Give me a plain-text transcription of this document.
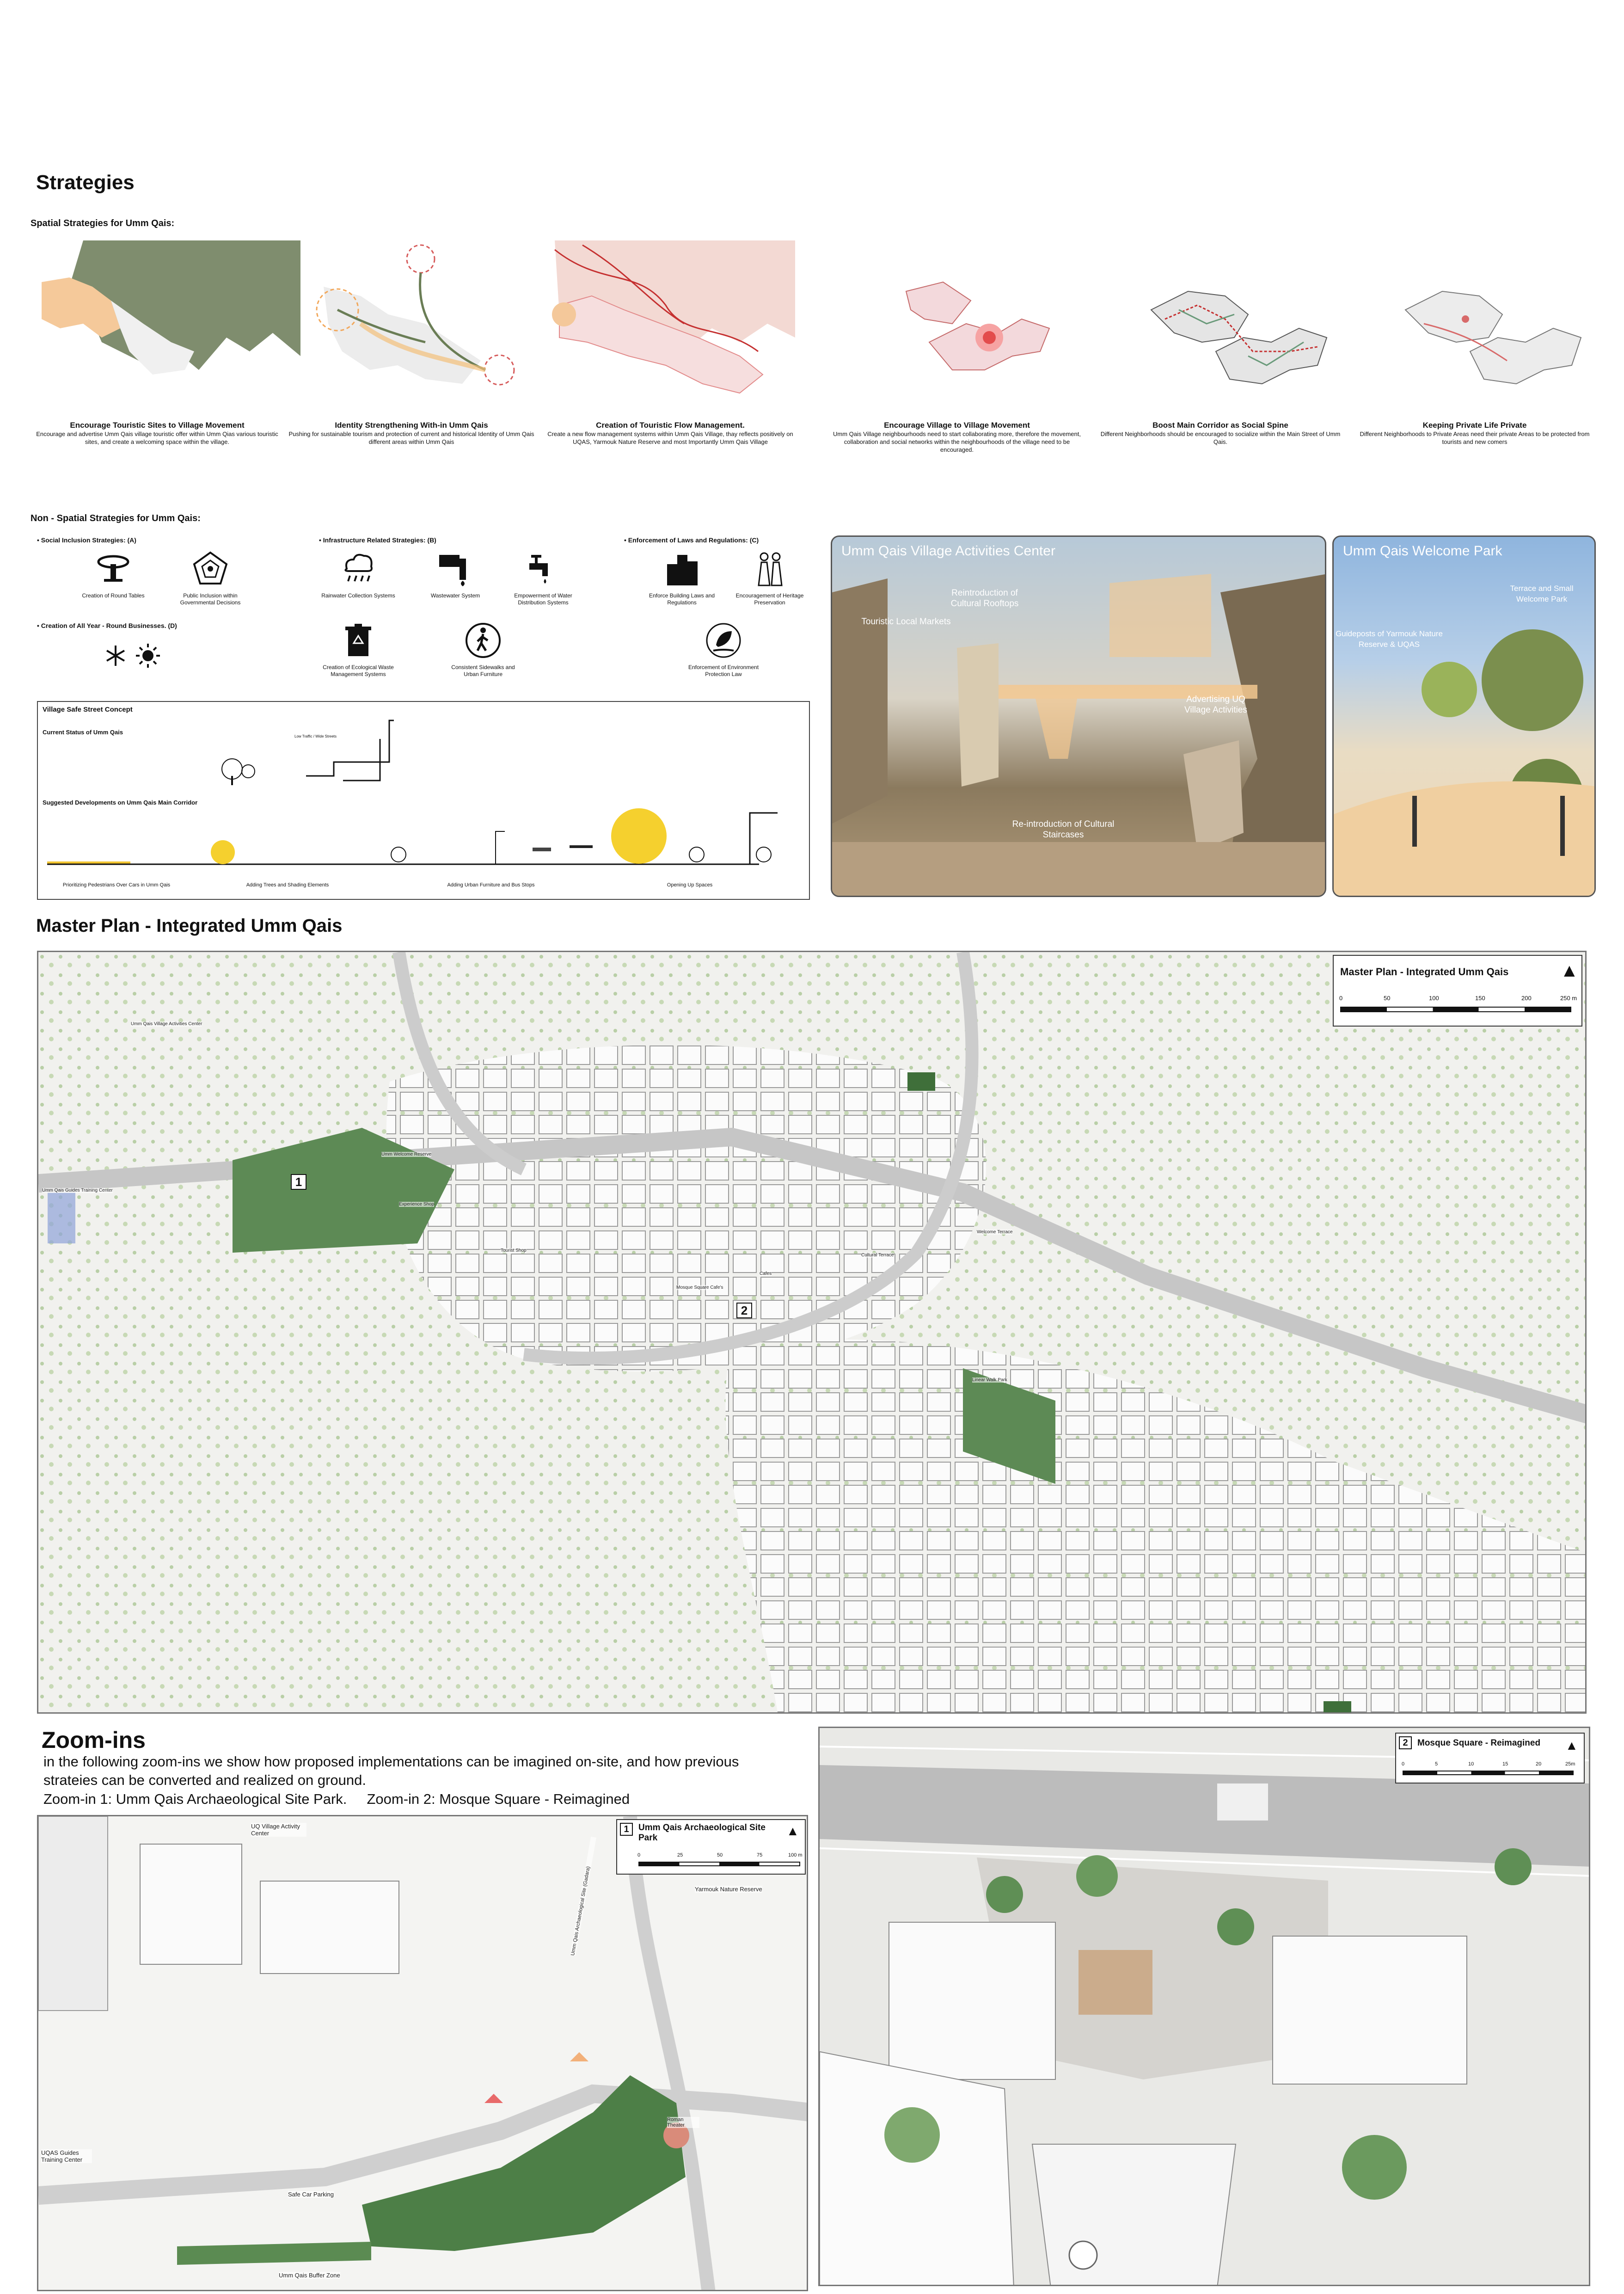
Strategies
Spatial Strategies for Umm Qais:
Encourage Touristic Sites to Village Movement
Encourage and advertise Umm Qais village touristic offer within Umm Qias various touristic sites, and create a welcoming space within the village.
Identity Strengthening With-in Umm Qais
Pushing for sustainable tourism and protection of current and historical Identity of Umm Qais different areas within Umm Qais
Creation of Touristic Flow Management.
Create a new flow management systems within Umm Qais Village, thay reflects positively on UQAS, Yarmouk Nature Reserve and most Importantly Umm Qais Village
Encourage Village to Village Movement
Umm Qais Village neighbourhoods need to start collaborating more, therefore the movement, collaboration and social networks within the neighbourhoods of the village need to be encouraged.
Boost Main Corridor as Social Spine
Different Neighborhoods should be encouraged to socialize within the Main Street of Umm Qais.
Keeping Private Life Private
Different Neighborhoods to Private Areas need their private Areas to be protected from tourists and new comers
Non - Spatial Strategies for Umm Qais:
• Social Inclusion Strategies: (A)	• Infrastructure Related Strategies: (B)	• Enforcement of Laws and Regulations: (C)
• Creation of All Year - Round Businesses. (D)
Creation of Round Tables	Public Inclusion within Governmental Decisions
Rainwater Collection Systems	Wastewater System	Empowerment of Water Distribution Systems
Creation of Ecological Waste Management Systems
Consistent Sidewalks and Urban Furniture
Enforce Building Laws and Regulations
Encouragement of Heritage Preservation
Enforcement of Environment Protection Law
Village Safe Street Concept
Current Status of Umm Qais
Low Traffic / Wide Streets
Suggested Developments on Umm Qais Main Corridor
Prioritizing Pedestrians Over Cars in Umm Qais	Adding Trees and Shading Elements	Adding Urban Furniture and Bus Stops	Opening Up Spaces
Umm Qais Village Activities Center
Reintroduction of Cultural Rooftops
Touristic Local Markets
Advertising UQ Village Activities
Re-introduction of Cultural Staircases
Umm Qais Welcome Park
Terrace and Small Welcome Park
Guideposts of Yarmouk Nature Reserve & UQAS
Master Plan - Integrated Umm Qais
Master Plan - Integrated Umm Qais	▲
0	50	100	150	200	250 m
1
2
Umm Qais Village Activities Center
Umm Qais Guides Training Center
Umm Welcome Reserve
Experience Shop
Tourist Shop
Cultural Terrace
Welcome Terrace
Mosque Square Cafe's
Cafes
Linear Walk Park
Zoom-ins
in the following zoom-ins we show how proposed implementations can be imagined on-site, and how previous strateies can be converted and realized on ground.
Zoom-in 1: Umm Qais Archaeological Site Park.     Zoom-in 2: Mosque Square - Reimagined
1	Umm Qais Archaeological Site Park	▲
0	25	50	75	100 m
UQ Village Activity Center
Yarmouk Nature Reserve
Umm Qais Archaeological Site (Gadara)
UQAS Guides Training Center
Safe Car Parking
Umm Qais Buffer Zone
Roman Theater
2	Mosque Square - Reimagined ▲
0	5	10	15	20	25m
